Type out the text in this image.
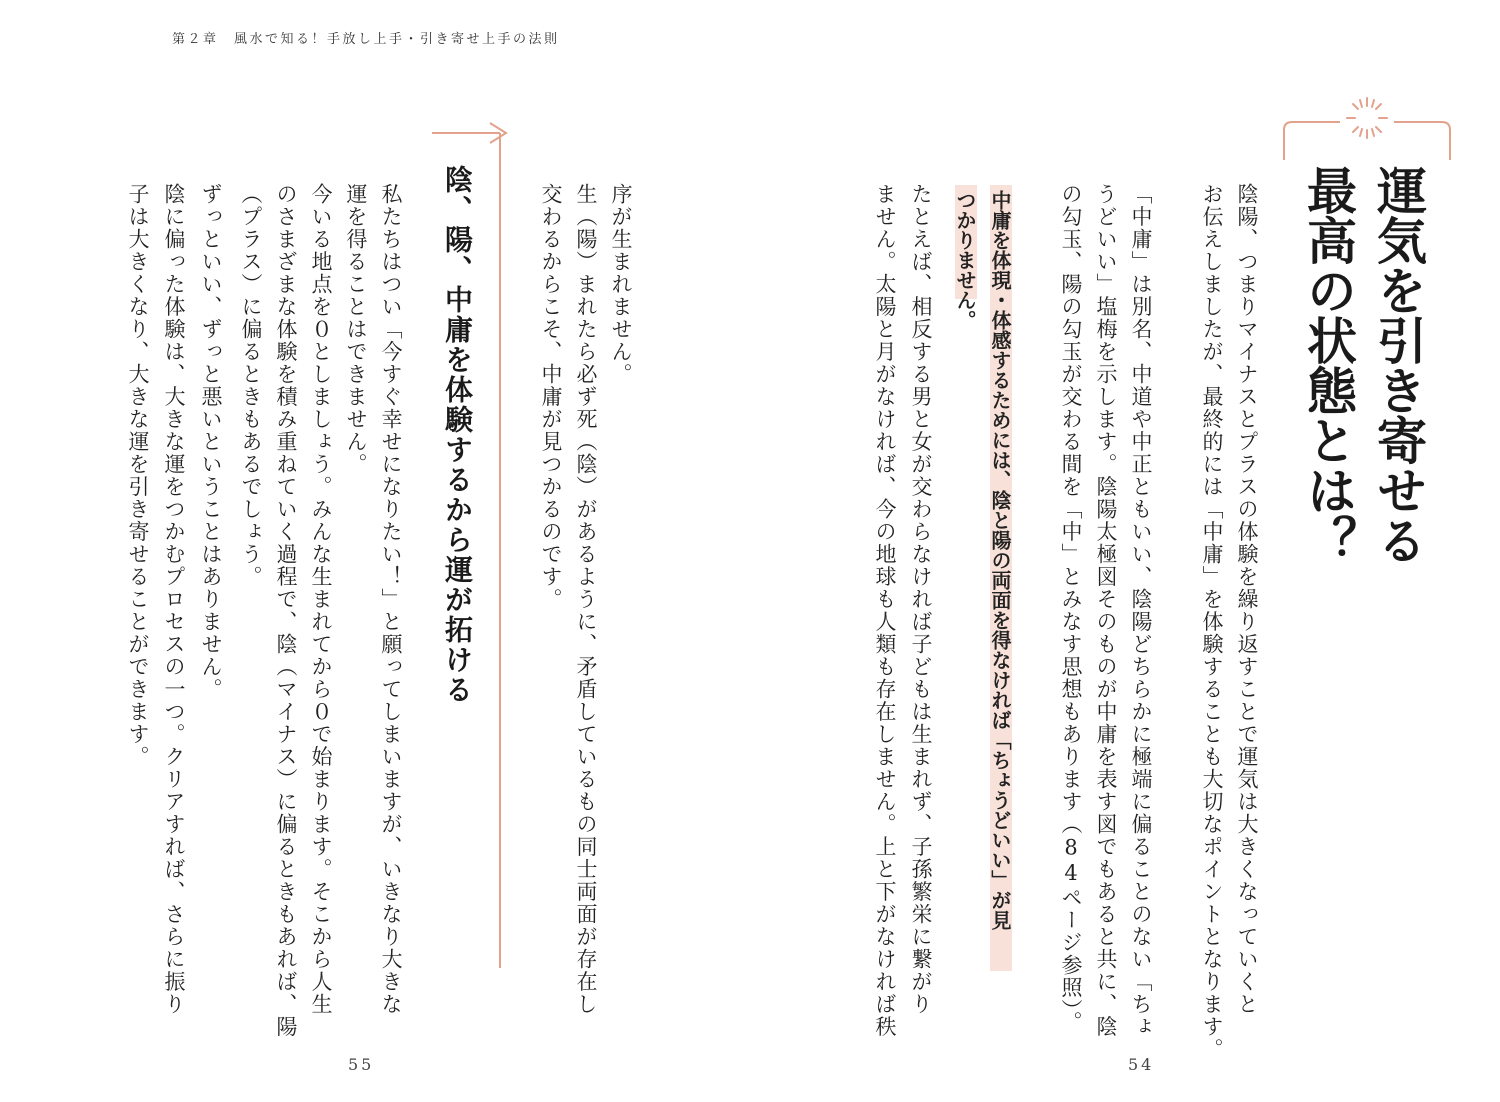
第２章　風水で知る！手放し上手・引き寄せ上手の法則
運気を引き寄せる
最高の状態とは？
陰陽、つまりマイナスとプラスの体験を繰り返すことで運気は大きくなっていくと
お伝えしましたが、最終的には「中庸」を体験することも大切なポイントとなります。
「中庸」は別名、中道や中正ともいい、陰陽どちらかに極端に偏ることのない「ちょ
うどいい」塩梅を示します。陰陽太極図そのものが中庸を表す図でもあると共に、陰
の勾玉、陽の勾玉が交わる間を「中」とみなす思想もあります（84ページ参照）。
中庸を体現・体感するためには、陰と陽の両面を得なければ「ちょうどいい」が見
つかりません。
たとえば、相反する男と女が交わらなければ子どもは生まれず、子孫繁栄に繋がり
ません。太陽と月がなければ、今の地球も人類も存在しません。上と下がなければ秩
序が生まれません。
生（陽）まれたら必ず死（陰）があるように、矛盾しているもの同士両面が存在し
交わるからこそ、中庸が見つかるのです。
陰、陽、中庸を体験するから運が拓ける
私たちはつい「今すぐ幸せになりたい！」と願ってしまいますが、いきなり大きな
運を得ることはできません。
今いる地点を０としましょう。みんな生まれてから０で始まります。そこから人生
のさまざまな体験を積み重ねていく過程で、陰（マイナス）に偏るときもあれば、陽
（プラス）に偏るときもあるでしょう。
ずっといい、ずっと悪いということはありません。
陰に偏った体験は、大きな運をつかむプロセスの一つ。クリアすれば、さらに振り
子は大きくなり、大きな運を引き寄せることができます。
55	54
